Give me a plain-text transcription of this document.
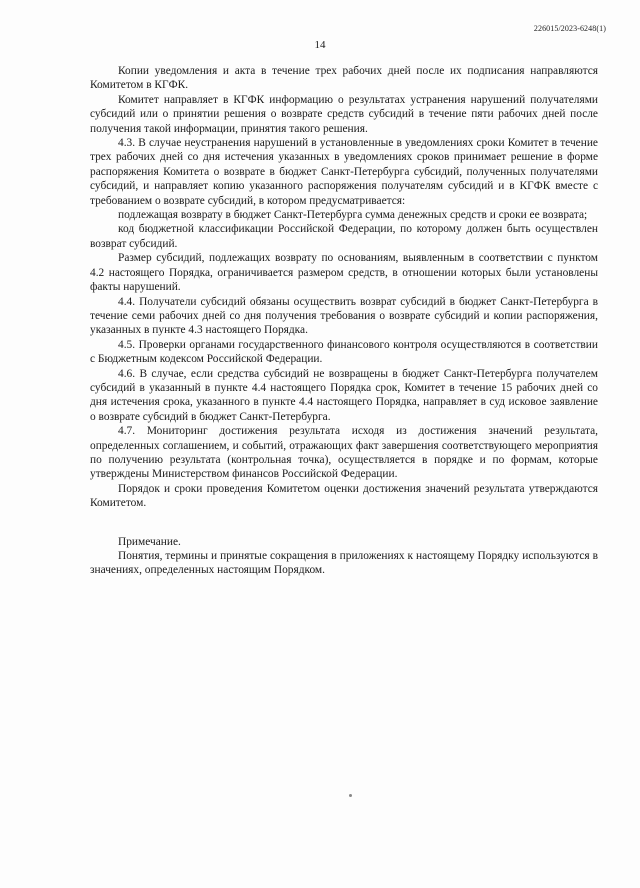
226015/2023-6248(1)
14

Копии уведомления и акта в течение трех рабочих дней после их подписания направляются Комитетом в КГФК.

Комитет направляет в КГФК информацию о результатах устранения нарушений получателями субсидий или о принятии решения о возврате средств субсидий в течение пяти рабочих дней после получения такой информации, принятия такого решения.

4.3. В случае неустранения нарушений в установленные в уведомлениях сроки Комитет в течение трех рабочих дней со дня истечения указанных в уведомлениях сроков принимает решение в форме распоряжения Комитета о возврате в бюджет Санкт-Петербурга субсидий, полученных получателями субсидий, и направляет копию указанного распоряжения получателям субсидий и в КГФК вместе с требованием о возврате субсидий, в котором предусматривается:

подлежащая возврату в бюджет Санкт-Петербурга сумма денежных средств и сроки ее возврата;

код бюджетной классификации Российской Федерации, по которому должен быть осуществлен возврат субсидий.

Размер субсидий, подлежащих возврату по основаниям, выявленным в соответствии с пунктом 4.2 настоящего Порядка, ограничивается размером средств, в отношении которых были установлены факты нарушений.

4.4. Получатели субсидий обязаны осуществить возврат субсидий в бюджет Санкт-Петербурга в течение семи рабочих дней со дня получения требования о возврате субсидий и копии распоряжения, указанных в пункте 4.3 настоящего Порядка.

4.5. Проверки органами государственного финансового контроля осуществляются в соответствии с Бюджетным кодексом Российской Федерации.

4.6. В случае, если средства субсидий не возвращены в бюджет Санкт-Петербурга получателем субсидий в указанный в пункте 4.4 настоящего Порядка срок, Комитет в течение 15 рабочих дней со дня истечения срока, указанного в пункте 4.4 настоящего Порядка, направляет в суд исковое заявление о возврате субсидий в бюджет Санкт-Петербурга.

4.7. Мониторинг достижения результата исходя из достижения значений результата, определенных соглашением, и событий, отражающих факт завершения соответствующего мероприятия по получению результата (контрольная точка), осуществляется в порядке и по формам, которые утверждены Министерством финансов Российской Федерации.

Порядок и сроки проведения Комитетом оценки достижения значений результата утверждаются Комитетом.

Примечание.

Понятия, термины и принятые сокращения в приложениях к настоящему Порядку используются в значениях, определенных настоящим Порядком.
